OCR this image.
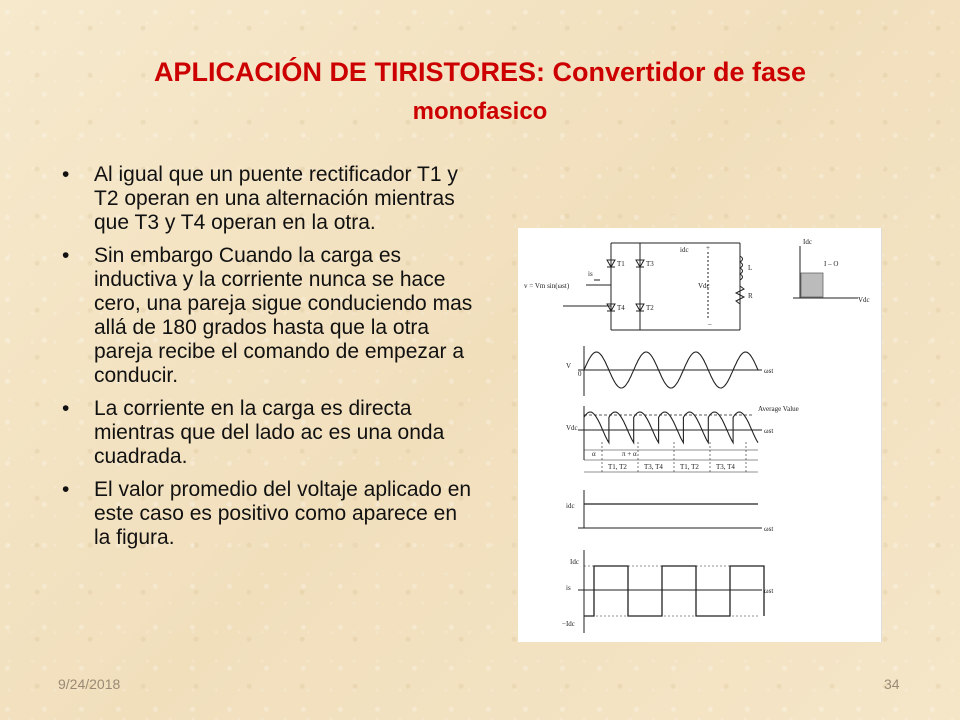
APLICACIÓN DE TIRISTORES: Convertidor de fase
monofasico
• Al igual que un puente rectificador T1 y T2 operan en una alternación mientras que T3 y T4 operan en la otra.
• Sin embargo Cuando la carga es inductiva y la corriente nunca se hace cero, una pareja sigue conduciendo mas allá de 180 grados hasta que la otra pareja recibe el comando de empezar a conducir.
• La corriente en la carga es directa mientras que del lado ac es una onda cuadrada.
• El valor promedio del voltaje aplicado en este caso es positivo como aparece en la figura.
v = Vm sin(ωst)
is
T1	T3
T4	T2
idc +
Vdc
–
L
R
Idc
Vdc
I – O
V
0	ωst
Vdc
Average Value
ωst
α	π + α
T1, T2 T3, T4 T1, T2 T3, T4
idc
ωst
Idc
is
−Idc
ωst
9/24/2018	34
